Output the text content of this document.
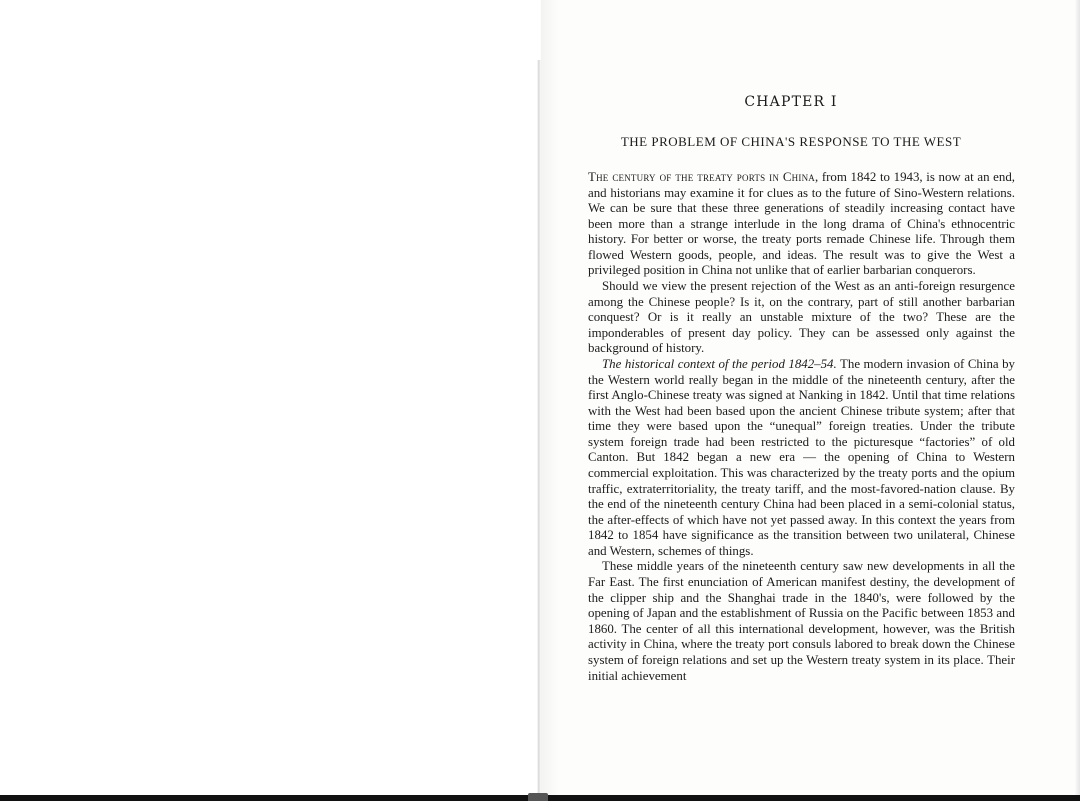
CHAPTER I
THE PROBLEM OF CHINA'S RESPONSE TO THE WEST

The century of the treaty ports in China, from 1842 to 1943, is now at an end, and historians may examine it for clues as to the future of Sino-Western relations. We can be sure that these three generations of steadily increasing contact have been more than a strange interlude in the long drama of China's ethnocentric history. For better or worse, the treaty ports remade Chinese life. Through them flowed Western goods, people, and ideas. The result was to give the West a privileged position in China not unlike that of earlier barbarian conquerors.

Should we view the present rejection of the West as an anti-foreign resurgence among the Chinese people? Is it, on the contrary, part of still another barbarian conquest? Or is it really an unstable mixture of the two? These are the imponderables of present day policy. They can be assessed only against the background of history.

The historical context of the period 1842–54. The modern invasion of China by the Western world really began in the middle of the nineteenth century, after the first Anglo-Chinese treaty was signed at Nanking in 1842. Until that time relations with the West had been based upon the ancient Chinese tribute system; after that time they were based upon the “unequal” foreign treaties. Under the tribute system foreign trade had been restricted to the picturesque “factories” of old Canton. But 1842 began a new era — the opening of China to Western commercial exploitation. This was characterized by the treaty ports and the opium traffic, extraterritoriality, the treaty tariff, and the most-favored-nation clause. By the end of the nineteenth century China had been placed in a semi-colonial status, the after-effects of which have not yet passed away. In this context the years from 1842 to 1854 have significance as the transition between two unilateral, Chinese and Western, schemes of things.

These middle years of the nineteenth century saw new developments in all the Far East. The first enunciation of American manifest destiny, the development of the clipper ship and the Shanghai trade in the 1840's, were followed by the opening of Japan and the establishment of Russia on the Pacific between 1853 and 1860. The center of all this international development, however, was the British activity in China, where the treaty port consuls labored to break down the Chinese system of foreign relations and set up the Western treaty system in its place. Their initial achievement
